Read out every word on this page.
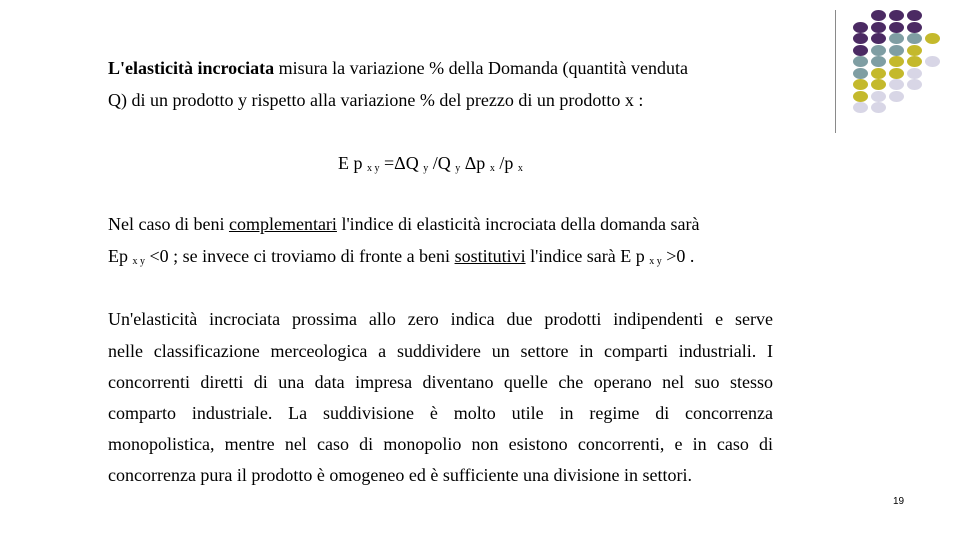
L'elasticità incrociata misura la variazione % della Domanda (quantità venduta
Q) di un prodotto y rispetto alla variazione % del prezzo di un prodotto x :
E p $_{x y}$ =ΔQ $_y$ /Q $_y$ Δp $_x$ /p $_x$
Nel caso di beni complementari l'indice di elasticità incrociata della domanda sarà
Ep $_{x y}$ <0 ; se invece ci troviamo di fronte a beni sostitutivi l'indice sarà E p $_{x y}$ >0 .
Un'elasticità incrociata prossima allo zero indica due prodotti indipendenti e serve
nelle classificazione merceologica a suddividere un settore in comparti industriali. I
concorrenti diretti di una data impresa diventano quelle che operano nel suo stesso
comparto industriale. La suddivisione è molto utile in regime di concorrenza
monopolistica, mentre nel caso di monopolio non esistono concorrenti, e in caso di
concorrenza pura il prodotto è omogeneo ed è sufficiente una divisione in settori.
19
